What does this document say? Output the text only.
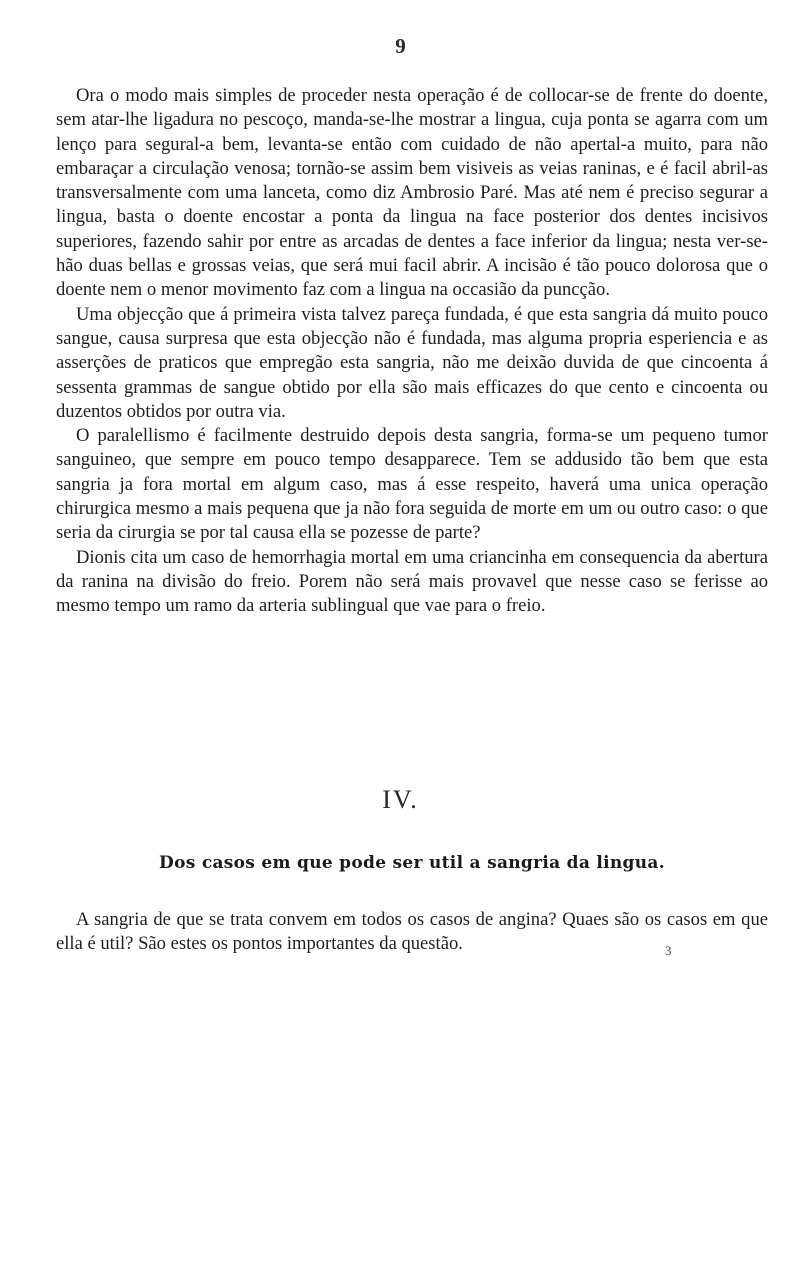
9

Ora o modo mais simples de proceder nesta operação é de collocar-se de frente do doente, sem atar-lhe ligadura no pescoço, manda-se-lhe mostrar a lingua, cuja ponta se agarra com um lenço para segural-a bem, levanta-se então com cuidado de não apertal-a muito, para não embaraçar a circulação venosa; tornão-se assim bem visiveis as veias raninas, e é facil abril-as transversalmente com uma lanceta, como diz Ambrosio Paré. Mas até nem é preciso segurar a lingua, basta o doente encostar a ponta da lingua na face posterior dos dentes incisivos superiores, fazendo sahir por entre as arcadas de dentes a face inferior da lingua; nesta ver-se-hão duas bellas e grossas veias, que será mui facil abrir. A incisão é tão pouco dolorosa que o doente nem o menor movimento faz com a lingua na occasião da puncção.

Uma objecção que á primeira vista talvez pareça fundada, é que esta sangria dá muito pouco sangue, causa surpresa que esta objecção não é fundada, mas alguma propria esperiencia e as asserções de praticos que empregão esta sangria, não me deixão duvida de que cincoenta á sessenta grammas de sangue obtido por ella são mais efficazes do que cento e cincoenta ou duzentos obtidos por outra via.

O paralellismo é facilmente destruido depois desta sangria, forma-se um pequeno tumor sanguineo, que sempre em pouco tempo desapparece. Tem se addusido tão bem que esta sangria ja fora mortal em algum caso, mas á esse respeito, haverá uma unica operação chirurgica mesmo a mais pequena que ja não fora seguida de morte em um ou outro caso: o que seria da cirurgia se por tal causa ella se pozesse de parte?

Dionis cita um caso de hemorrhagia mortal em uma criancinha em consequencia da abertura da ranina na divisão do freio. Porem não será mais provavel que nesse caso se ferisse ao mesmo tempo um ramo da arteria sublingual que vae para o freio.

IV.
Dos casos em que pode ser util a sangria da lingua.

A sangria de que se trata convem em todos os casos de angina? Quaes são os casos em que ella é util? São estes os pontos importantes da questão.	3
